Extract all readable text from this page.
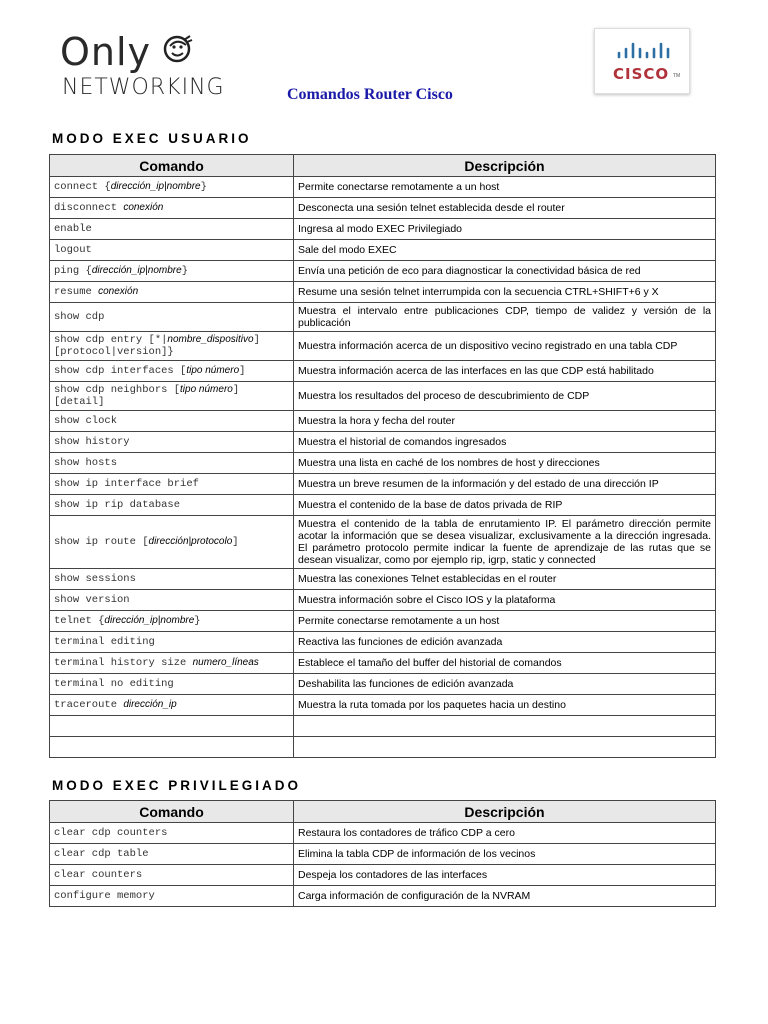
Only
NETWORKING	Comandos Router Cisco
CISCO TM
MODO EXEC USUARIO
Comando	Descripción
connect {dirección_ip|nombre}	Permite conectarse remotamente a un host
disconnect conexión	Desconecta una sesión telnet establecida desde el router
enable	Ingresa al modo EXEC Privilegiado
logout	Sale del modo EXEC
ping {dirección_ip|nombre}	Envía una petición de eco para diagnosticar la conectividad básica de red
resume conexión	Resume una sesión telnet interrumpida con la secuencia CTRL+SHIFT+6 y X
show cdp	Muestra el intervalo entre publicaciones CDP, tiempo de validez y versión de la publicación
show cdp entry [*|nombre_dispositivo] [protocol|version]}	Muestra información acerca de un dispositivo vecino registrado en una tabla CDP
show cdp interfaces [tipo número]	Muestra información acerca de las interfaces en las que CDP está habilitado
show cdp neighbors [tipo número] [detail]	Muestra los resultados del proceso de descubrimiento de CDP
show clock	Muestra la hora y fecha del router
show history	Muestra el historial de comandos ingresados
show hosts	Muestra una lista en caché de los nombres de host y direcciones
show ip interface brief	Muestra un breve resumen de la información y del estado de una dirección IP
show ip rip database	Muestra el contenido de la base de datos privada de RIP
show ip route [dirección|protocolo]	Muestra el contenido de la tabla de enrutamiento IP. El parámetro dirección permite acotar la información que se desea visualizar, exclusivamente a la dirección ingresada. El parámetro protocolo permite indicar la fuente de aprendizaje de las rutas que se desean visualizar, como por ejemplo rip, igrp, static y connected
show sessions	Muestra las conexiones Telnet establecidas en el router
show version	Muestra información sobre el Cisco IOS y la plataforma
telnet {dirección_ip|nombre}	Permite conectarse remotamente a un host
terminal editing	Reactiva las funciones de edición avanzada
terminal history size numero_líneas	Establece el tamaño del buffer del historial de comandos
terminal no editing	Deshabilita las funciones de edición avanzada
traceroute dirección_ip	Muestra la ruta tomada por los paquetes hacia un destino

MODO EXEC PRIVILEGIADO
Comando	Descripción
clear cdp counters	Restaura los contadores de tráfico CDP a cero
clear cdp table	Elimina la tabla CDP de información de los vecinos
clear counters	Despeja los contadores de las interfaces
configure memory	Carga información de configuración de la NVRAM
